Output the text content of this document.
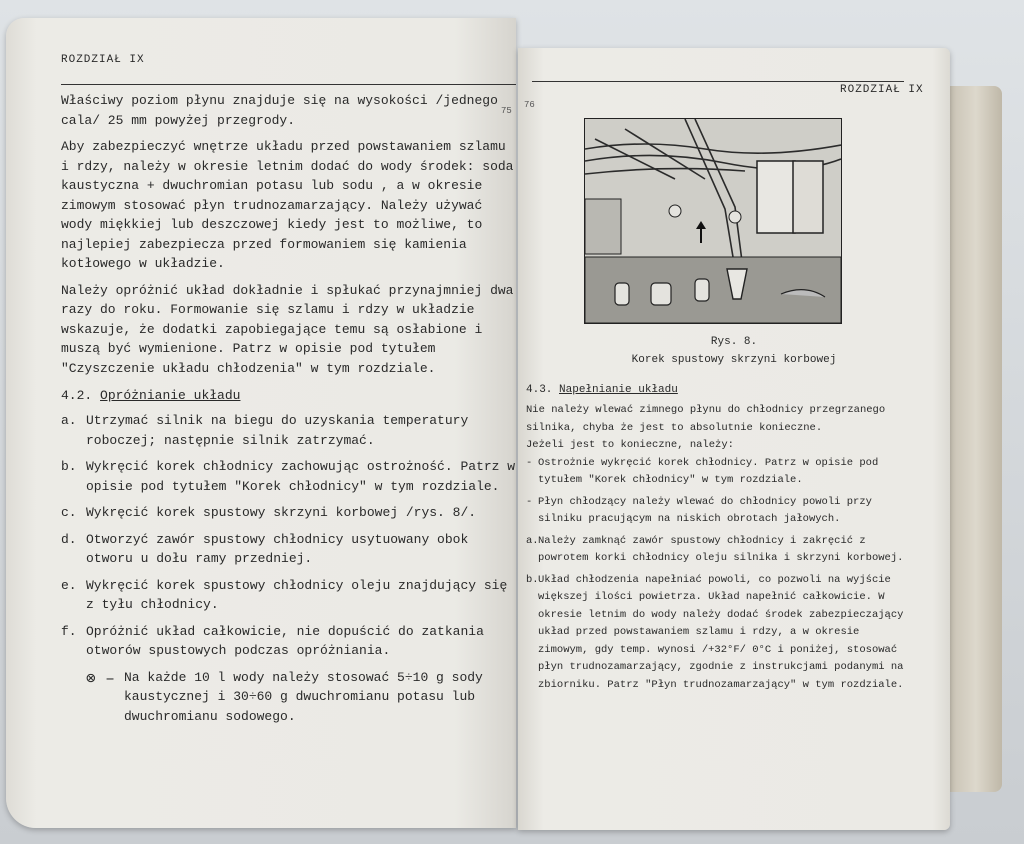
ROZDZIAŁ IX
75

Właściwy poziom płynu znajduje się na wysokości /jednego cala/ 25 mm powyżej przegrody.

Aby zabezpieczyć wnętrze układu przed powstawaniem szlamu i rdzy, należy w okresie letnim dodać do wody środek: soda kaustyczna + dwuchromian potasu lub sodu , a w okresie zimowym stosować płyn trudnozamarzający. Należy używać wody miękkiej lub deszczowej kiedy jest to możliwe, to najlepiej zabezpiecza przed formowaniem się kamienia kotłowego w układzie.

Należy opróżnić układ dokładnie i spłukać przynajmniej dwa razy do roku. Formowanie się szlamu i rdzy w układzie wskazuje, że dodatki zapobiegające temu są osłabione i muszą być wymienione. Patrz w opisie pod tytułem "Czyszczenie układu chłodzenia" w tym rozdziale.

4.2. Opróżnianie układu
a. Utrzymać silnik na biegu do uzyskania temperatury roboczej; następnie silnik zatrzymać.
b. Wykręcić korek chłodnicy zachowując ostrożność. Patrz w opisie pod tytułem "Korek chłodnicy" w tym rozdziale.
c. Wykręcić korek spustowy skrzyni korbowej /rys. 8/.
d. Otworzyć zawór spustowy chłodnicy usytuowany obok otworu u dołu ramy przedniej.
e. Wykręcić korek spustowy chłodnicy oleju znajdujący się z tyłu chłodnicy.
f. Opróżnić układ całkowicie, nie dopuścić do zatkania otworów spustowych podczas opróżniania.
⊗ – Na każde 10 l wody należy stosować 5÷10 g sody kaustycznej i 30÷60 g dwuchromianu potasu lub dwuchromianu sodowego.
76
ROZDZIAŁ IX
Rys. 8.
Korek spustowy skrzyni korbowej
4.3. Napełnianie układu

Nie należy wlewać zimnego płynu do chłodnicy przegrzanego silnika, chyba że jest to absolutnie konieczne.

Jeżeli jest to konieczne, należy:

- Ostrożnie wykręcić korek chłodnicy. Patrz w opisie pod tytułem "Korek chłodnicy" w tym rozdziale.
- Płyn chłodzący należy wlewać do chłodnicy powoli przy silniku pracującym na niskich obrotach jałowych.
a. Należy zamknąć zawór spustowy chłodnicy i zakręcić z powrotem korki chłodnicy oleju silnika i skrzyni korbowej.
b. Układ chłodzenia napełniać powoli, co pozwoli na wyjście większej ilości powietrza. Układ napełnić całkowicie. W okresie letnim do wody należy dodać środek zabezpieczający układ przed powstawaniem szlamu i rdzy, a w okresie zimowym, gdy temp. wynosi /+32°F/ 0°C i poniżej, stosować płyn trudnozamarzający, zgodnie z instrukcjami podanymi na zbiorniku. Patrz "Płyn trudnozamarzający" w tym rozdziale.
